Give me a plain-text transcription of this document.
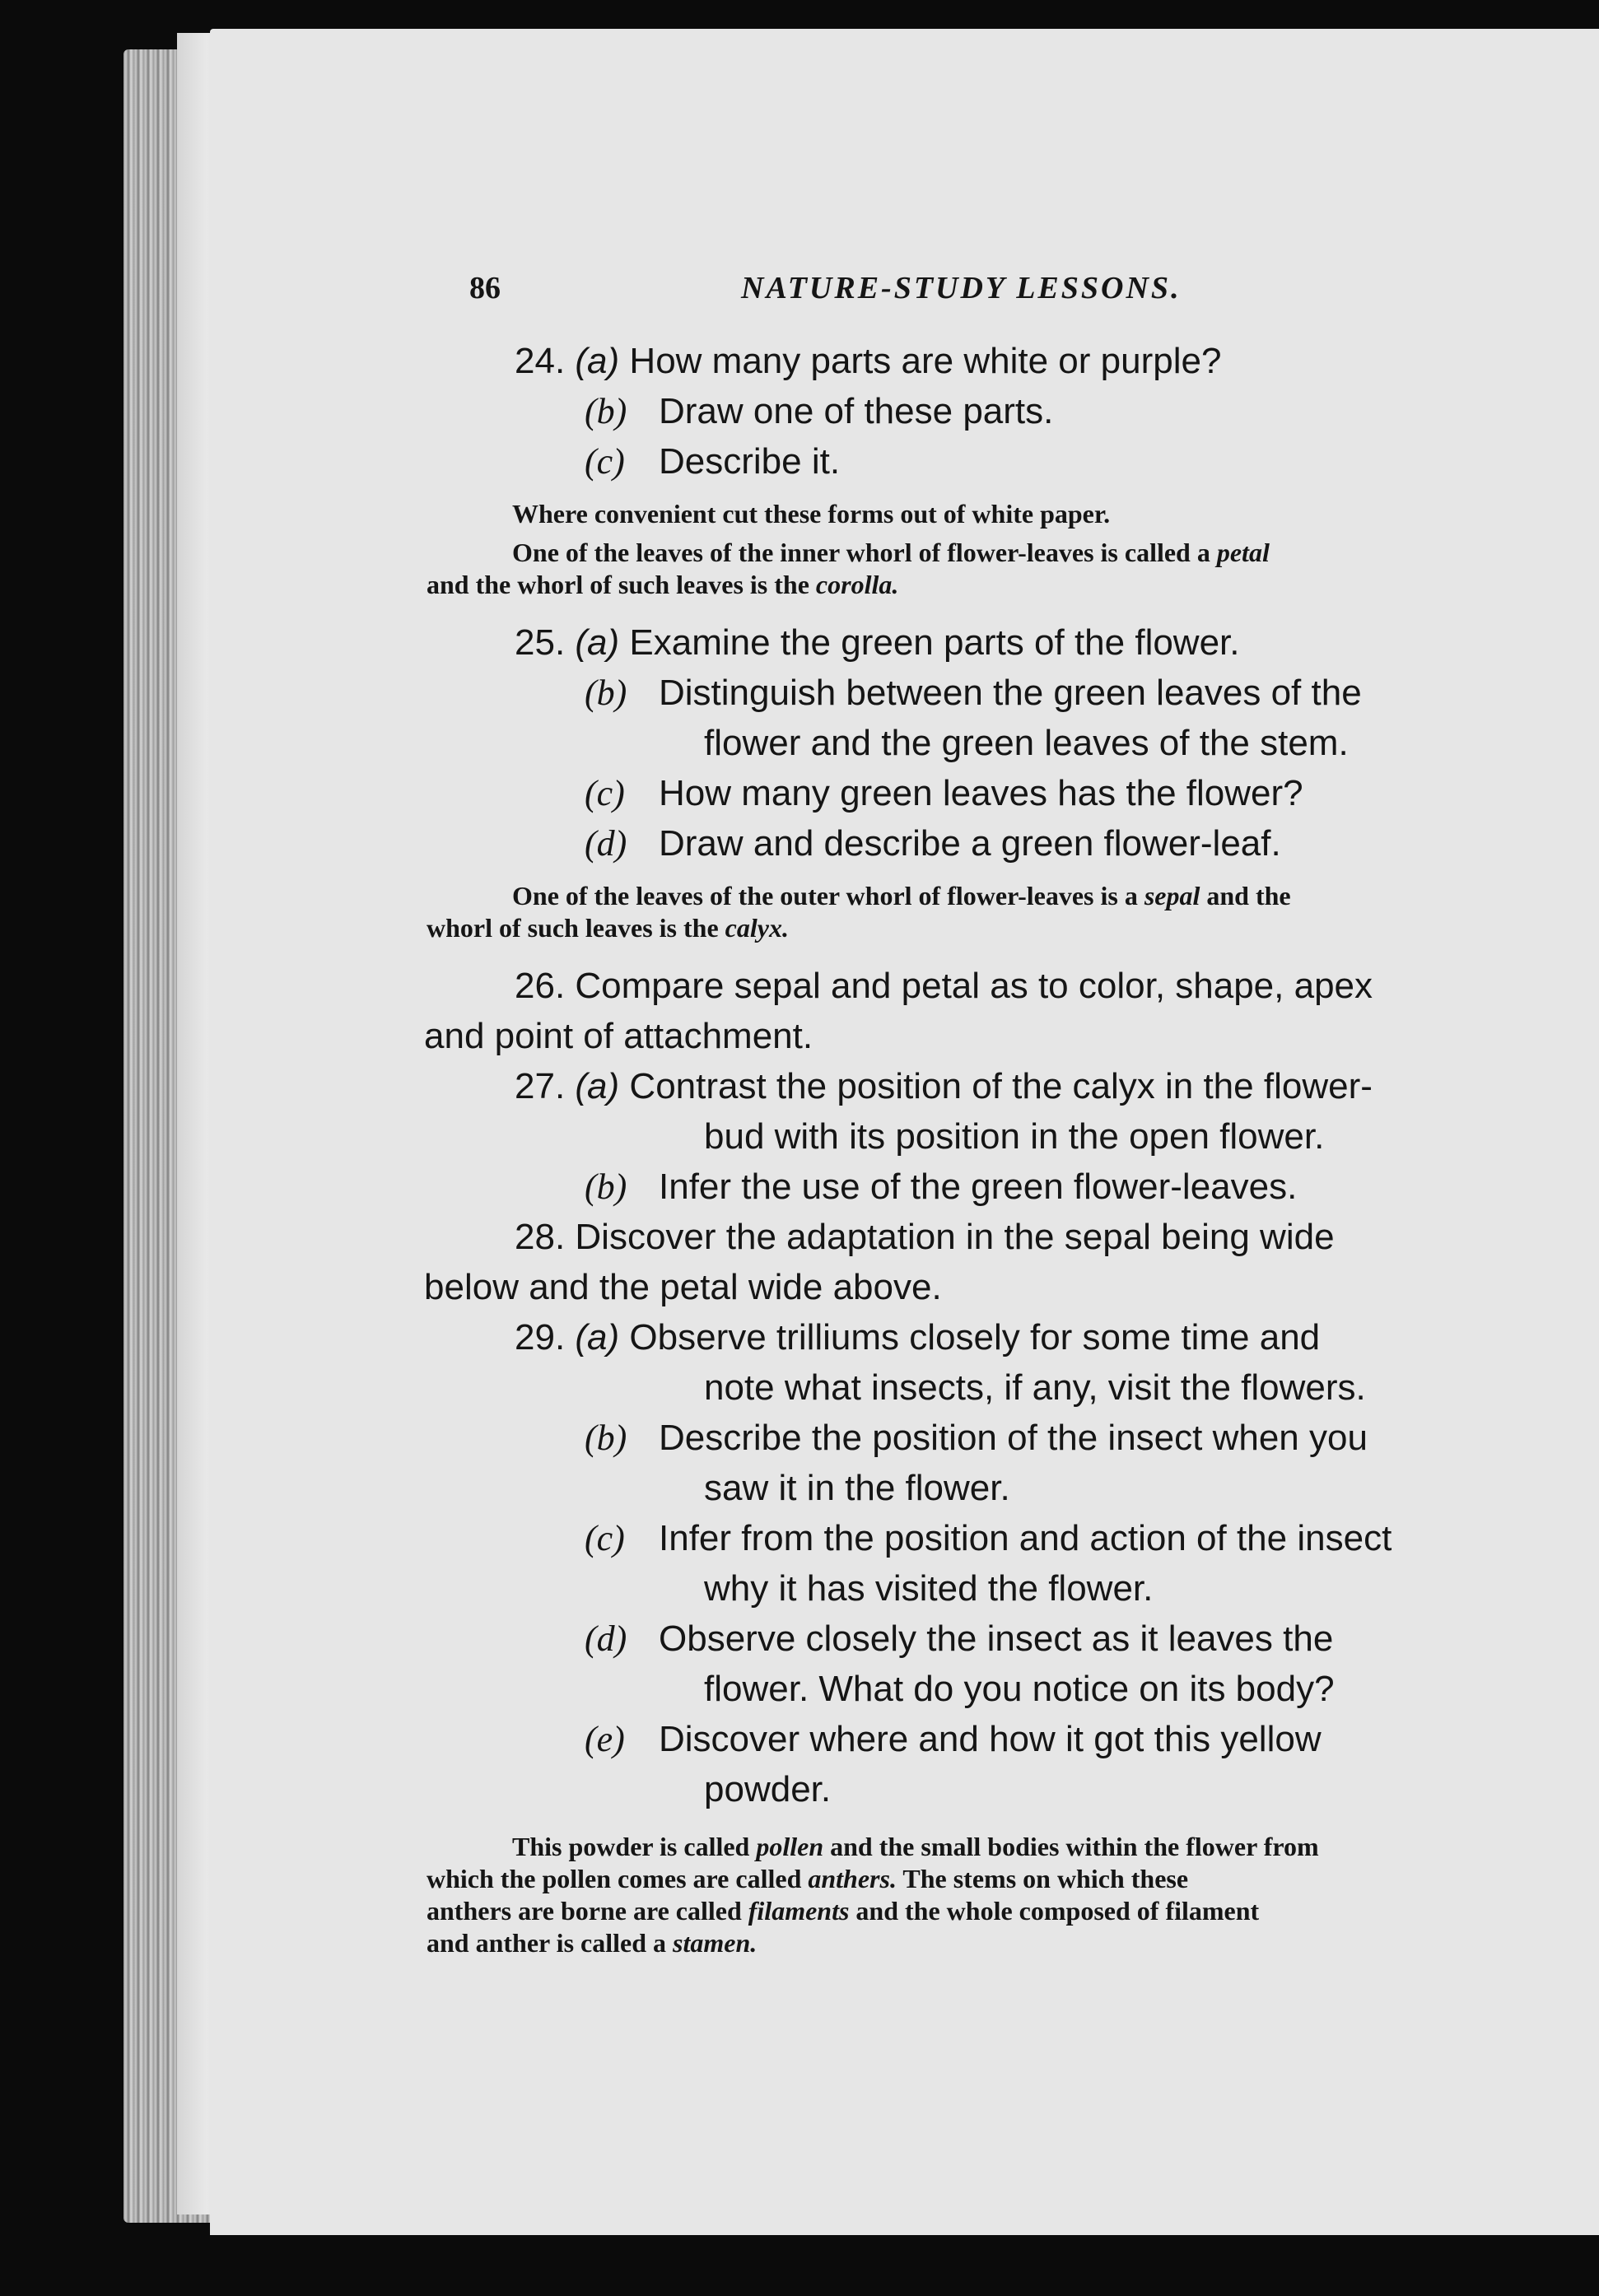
86	NATURE-STUDY LESSONS.

24. (a) How many parts are white or purple?

(b) Draw one of these parts.

(c) Describe it.

Where convenient cut these forms out of white paper.

One of the leaves of the inner whorl of flower-leaves is called a petal

and the whorl of such leaves is the corolla.

25. (a) Examine the green parts of the flower.

(b) Distinguish between the green leaves of the

flower and the green leaves of the stem.

(c) How many green leaves has the flower?

(d) Draw and describe a green flower-leaf.

One of the leaves of the outer whorl of flower-leaves is a sepal and the

whorl of such leaves is the calyx.

26. Compare sepal and petal as to color, shape, apex

and point of attachment.

27. (a) Contrast the position of the calyx in the flower-

bud with its position in the open flower.

(b) Infer the use of the green flower-leaves.

28. Discover the adaptation in the sepal being wide

below and the petal wide above.

29. (a) Observe trilliums closely for some time and

note what insects, if any, visit the flowers.

(b) Describe the position of the insect when you

saw it in the flower.

(c) Infer from the position and action of the insect

why it has visited the flower.

(d) Observe closely the insect as it leaves the

flower. What do you notice on its body?

(e) Discover where and how it got this yellow

powder.

This powder is called pollen and the small bodies within the flower from

which the pollen comes are called anthers. The stems on which these

anthers are borne are called filaments and the whole composed of filament

and anther is called a stamen.
